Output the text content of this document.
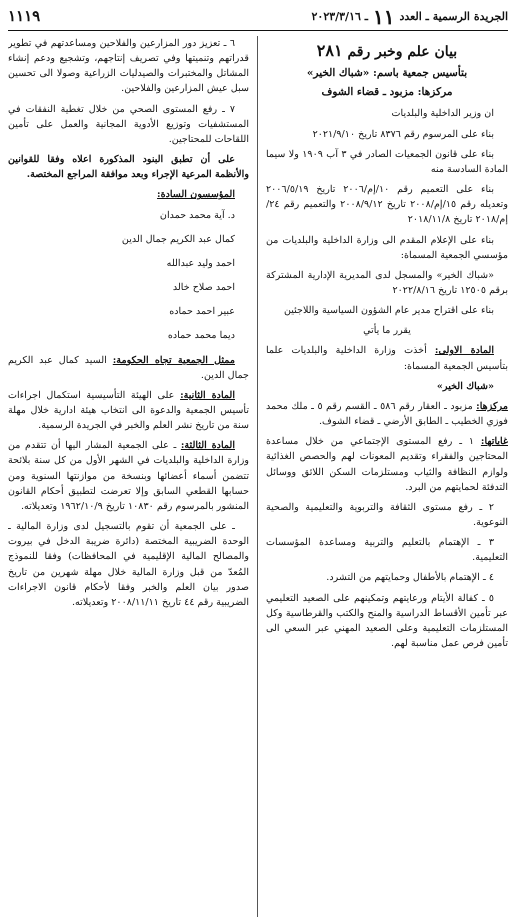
الجريدة الرسمية ـ العدد
١١
ـ ٢٠٢٣/٣/١٦
١١١٩
بيان علم وخبر رقم ٢٨١
بتأسيس جمعية باسم: «شباك الخير»
مركزها: مزبود ـ قضاء الشوف

ان وزير الداخلية والبلديات

بناء على المرسوم رقم ٨٣٧٦ تاريخ ٢٠٢١/٩/١٠

بناء على قانون الجمعيات الصادر في ٣ آب ١٩٠٩ ولا سيما المادة السادسة منه

بناء على التعميم رقم ١٠/إم/٢٠٠٦ تاريخ ٢٠٠٦/٥/١٩ وتعديله رقم ١٥/إم/٢٠٠٨ تاريخ ٢٠٠٨/٩/١٢ والتعميم رقم ٢٤/إم/٢٠١٨ تاريخ ٢٠١٨/١١/٨

بناء على الإعلام المقدم الى وزارة الداخلية والبلديات من مؤسسي الجمعية المسماة:

«شباك الخير» والمسجل لدى المديرية الإدارية المشتركة برقم ١٢٥٠٥ تاريخ ٢٠٢٢/٨/١٦

بناء على اقتراح مدير عام الشؤون السياسية واللاجئين

يقرر ما يأتي

المادة الاولى: أخذت وزارة الداخلية والبلديات علما بتأسيس الجمعية المسماة:

«شباك الخير»

مركزها: مزبود ـ العقار رقم ٥٨٦ ـ القسم رقم ٥ ـ ملك محمد فوزي الخطيب ـ الطابق الأرضي ـ قضاء الشوف.

غاياتها: ١ ـ رفع المستوى الإجتماعي من خلال مساعدة المحتاجين والفقراء وتقديم المعونات لهم والحصص الغذائية ولوازم النظافة والثياب ومستلزمات السكن اللائق ووسائل التدفئة لحمايتهم من البرد.

٢ ـ رفع مستوى الثقافة والتربوية والتعليمية والصحية النوعوية.

٣ ـ الإهتمام بالتعليم والتربية ومساعدة المؤسسات التعليمية.

٤ ـ الإهتمام بالأطفال وحمايتهم من التشرد.

٥ ـ كفالة الأيتام ورعايتهم وتمكينهم على الصعيد التعليمي عبر تأمين الأقساط الدراسية والمنح والكتب والقرطاسية وكل المستلزمات التعليمية وعلى الصعيد المهني عبر السعي الى تأمين فرص عمل مناسبة لهم.

٦ ـ تعزيز دور المزارعين والفلاحين ومساعدتهم في تطوير قدراتهم وتنميتها وفي تصريف إنتاجهم، وتشجيع ودعم إنشاء المشاتل والمختبرات والصيدليات الزراعية وصولا الى تحسين سبل عيش المزارعين والفلاحين.

٧ ـ رفع المستوى الصحي من خلال تغطية النفقات في المستشفيات وتوزيع الأدوية المجانية والعمل على تأمين اللقاحات للمحتاجين.

على أن تطبق البنود المذكورة اعلاه وفقا للقوانين والأنظمة المرعية الإجراء وبعد موافقة المراجع المختصة.

المؤسسون السادة:

د. آية محمد حمدان
كمال عبد الكريم جمال الدين
احمد وليد عبدالله
احمد صلاح خالد
عبير احمد حماده
ديما محمد حماده

ممثل الجمعية تجاه الحكومة: السيد كمال عبد الكريم جمال الدين.

المادة الثانية: على الهيئة التأسيسية استكمال اجراءات تأسيس الجمعية والدعوة الى انتخاب هيئة ادارية خلال مهلة سنة من تاريخ نشر العلم والخبر في الجريدة الرسمية.

المادة الثالثة: ـ على الجمعية المشار اليها أن تتقدم من وزارة الداخلية والبلديات في الشهر الأول من كل سنة بلائحة تتضمن أسماء أعضائها وبنسخة من موازنتها السنوية ومن حسابها القطعي السابق وإلا تعرضت لتطبيق أحكام القانون المنشور بالمرسوم رقم ١٠٨٣٠ تاريخ ١٩٦٢/١٠/٩ وتعديلاته.

ـ على الجمعية أن تقوم بالتسجيل لدى وزارة المالية ـ الوحدة الضريبية المختصة (دائرة ضريبة الدخل في بيروت والمصالح المالية الإقليمية في المحافظات) وفقا للنموذج المُعدّ من قبل وزارة المالية خلال مهلة شهرين من تاريخ صدور بيان العلم والخبر وفقا لأحكام قانون الاجراءات الضريبية رقم ٤٤ تاريخ ٢٠٠٨/١١/١١ وتعديلاته.
